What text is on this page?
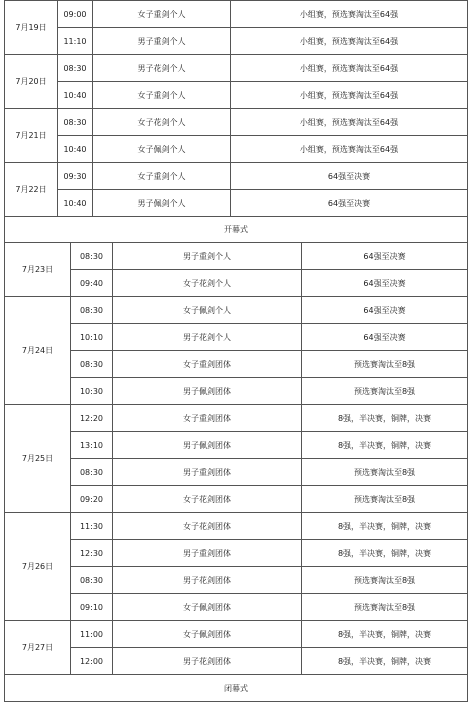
7月19日	09:00	女子重剑个人	小组赛，预选赛淘汰至64强
	11:10	男子重剑个人	小组赛，预选赛淘汰至64强
7月20日	08:30	男子花剑个人	小组赛，预选赛淘汰至64强
	10:40	女子重剑个人	小组赛，预选赛淘汰至64强
7月21日	08:30	女子花剑个人	小组赛，预选赛淘汰至64强
	10:40	女子佩剑个人	小组赛，预选赛淘汰至64强
7月22日	09:30	女子重剑个人	64强至决赛
	10:40	男子佩剑个人	64强至决赛
开幕式
7月23日	08:30	男子重剑个人	64强至决赛
	09:40	女子花剑个人	64强至决赛
7月24日	08:30	女子佩剑个人	64强至决赛
	10:10	男子花剑个人	64强至决赛
	08:30	女子重剑团体	预选赛淘汰至8强
	10:30	男子佩剑团体	预选赛淘汰至8强
7月25日	12:20	女子重剑团体	8强，半决赛，铜牌，决赛
	13:10	男子佩剑团体	8强，半决赛，铜牌，决赛
	08:30	男子重剑团体	预选赛淘汰至8强
	09:20	女子花剑团体	预选赛淘汰至8强
7月26日	11:30	女子花剑团体	8强，半决赛，铜牌，决赛
	12:30	男子重剑团体	8强，半决赛，铜牌，决赛
	08:30	男子花剑团体	预选赛淘汰至8强
	09:10	女子佩剑团体	预选赛淘汰至8强
7月27日	11:00	女子佩剑团体	8强，半决赛，铜牌，决赛
	12:00	男子花剑团体	8强，半决赛，铜牌，决赛
闭幕式
